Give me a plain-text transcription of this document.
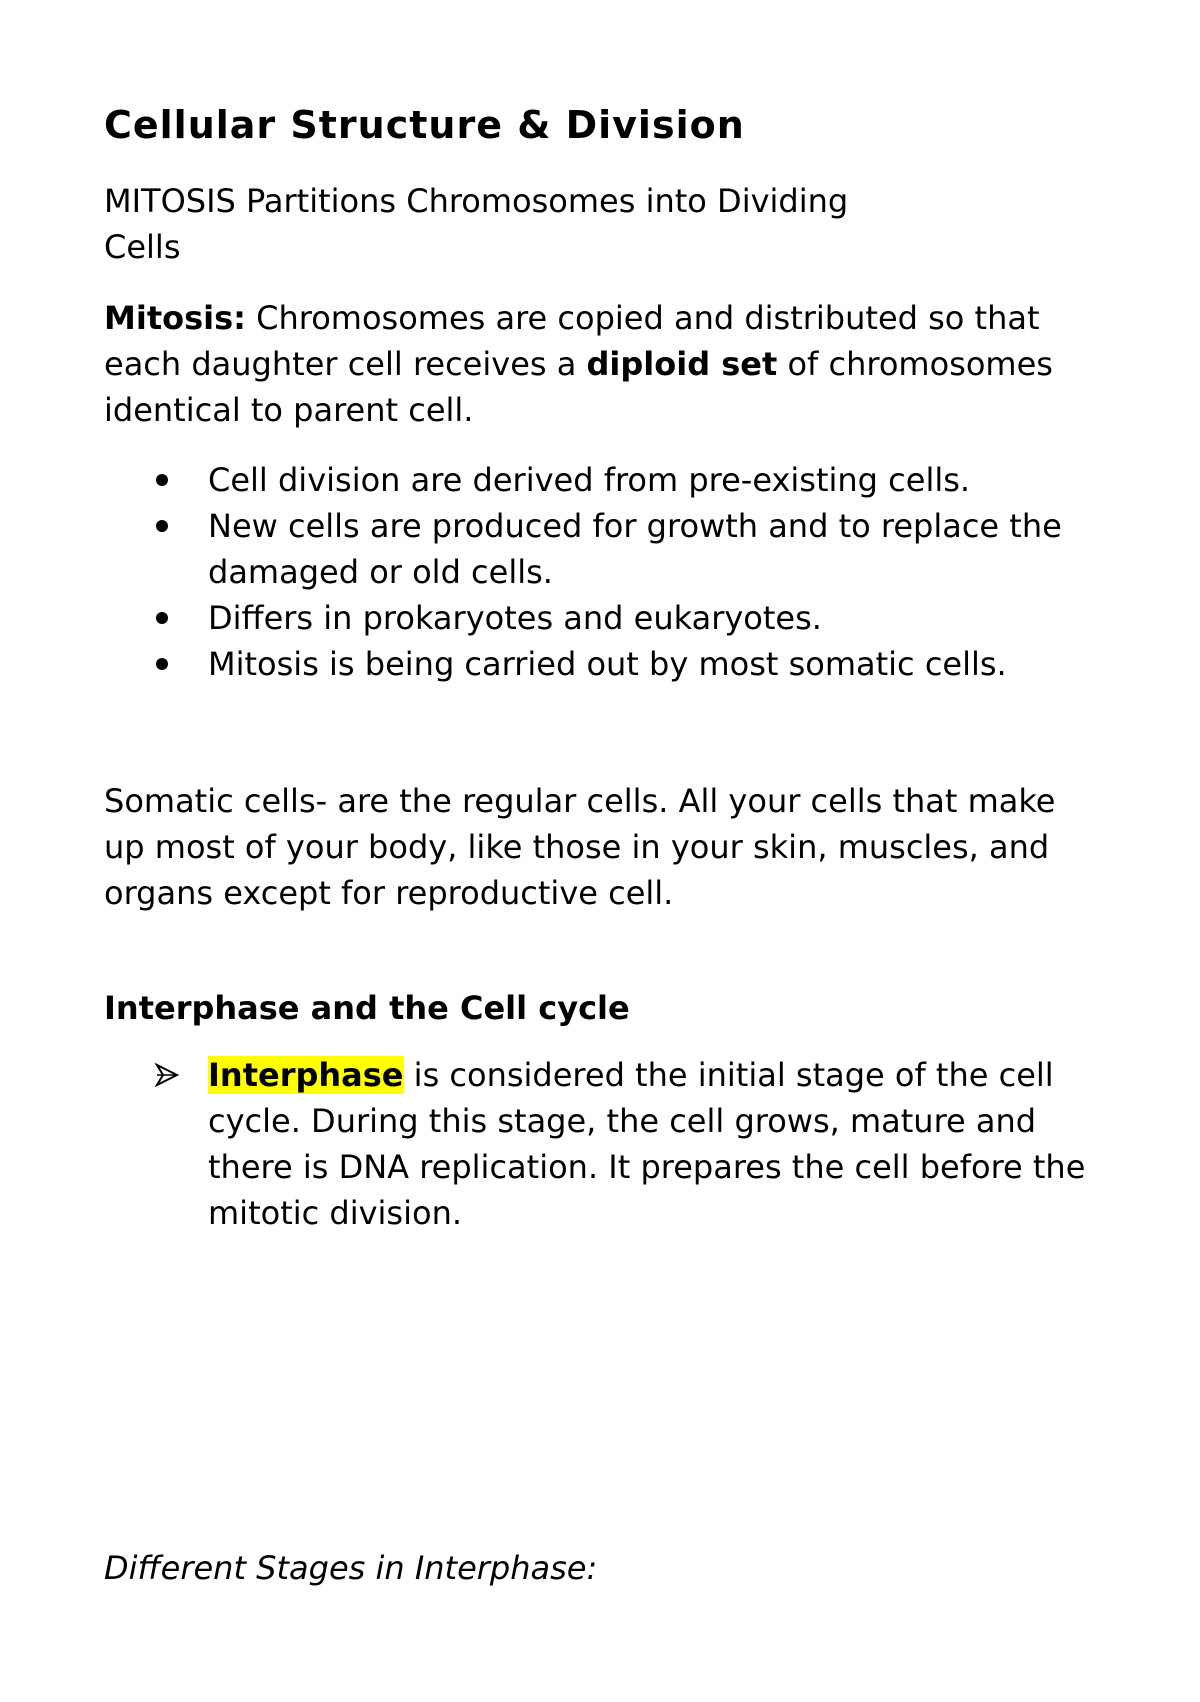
Cellular Structure & Division

MITOSIS Partitions Chromosomes into Dividing Cells

Mitosis: Chromosomes are copied and distributed so that each daughter cell receives a diploid set of chromosomes identical to parent cell.

Cell division are derived from pre-existing cells.
New cells are produced for growth and to replace the damaged or old cells.
Differs in prokaryotes and eukaryotes.
Mitosis is being carried out by most somatic cells.

Somatic cells- are the regular cells. All your cells that make up most of your body, like those in your skin, muscles, and organs except for reproductive cell.

Interphase and the Cell cycle
Interphase is considered the initial stage of the cell cycle. During this stage, the cell grows, mature and there is DNA replication. It prepares the cell before the mitotic division.

Different Stages in Interphase:
